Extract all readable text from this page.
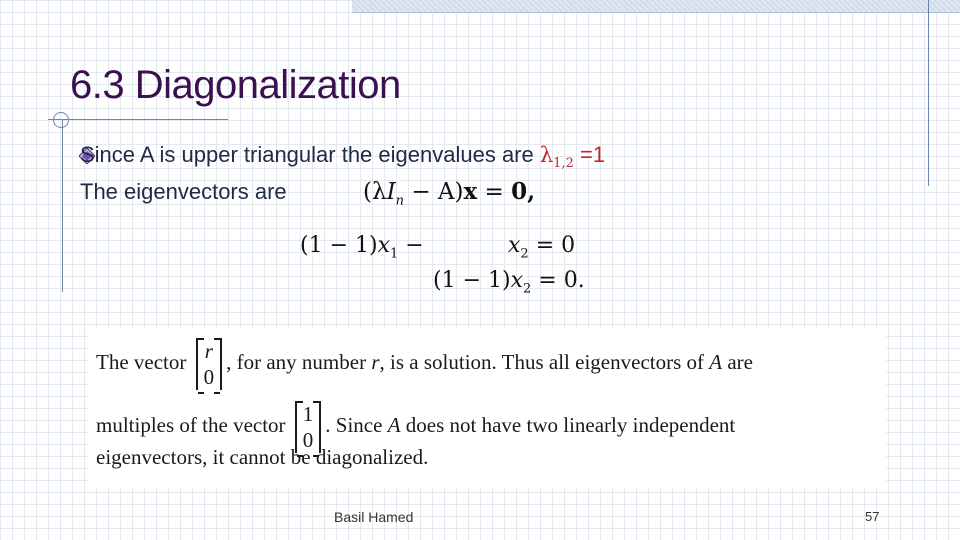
6.3 Diagonalization
Since A is upper triangular the eigenvalues are $\lambda_{1,2} =1$
The eigenvectors are	$(\lambda I_n - A)x = 0$,
$(1 - 1)x_1$ −	$x_2 = 0$
$(1 - 1)x_2 = 0$.
The vector r
0
, for any number r, is a solution. Thus all eigenvectors of A are
multiples of the vector 1
0
. Since A does not have two linearly independent
eigenvectors, it cannot be diagonalized.
Basil Hamed	57
